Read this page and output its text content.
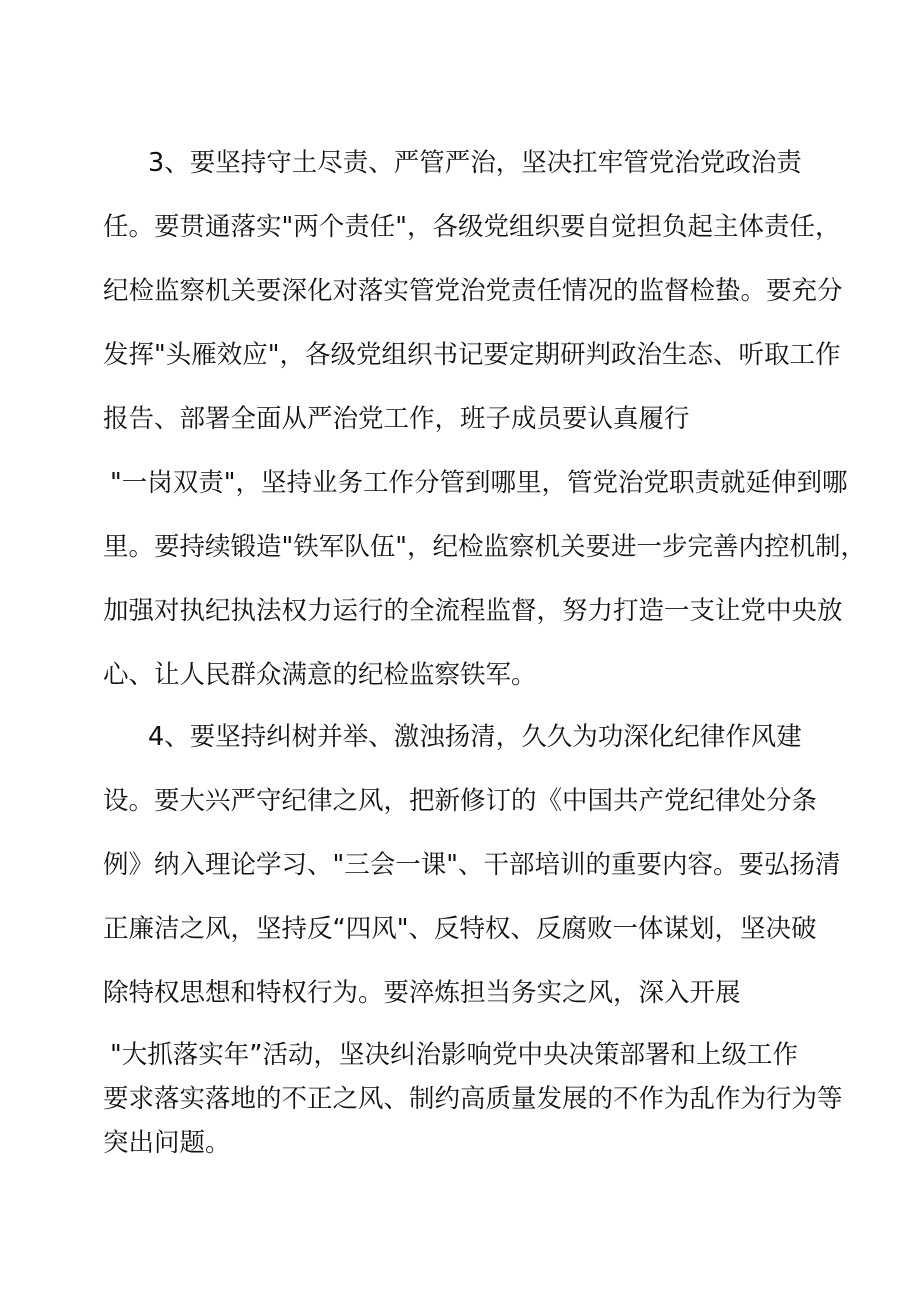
3、要坚持守土尽责、严管严治，坚决扛牢管党治党政治责
任。要贯通落实"两个责任"，各级党组织要自觉担负起主体责任，
纪检监察机关要深化对落实管党治党责任情况的监督检蛰。要充分
发挥"头雁效应"，各级党组织书记要定期研判政治生态、听取工作
报告、部署全面从严治党工作，班子成员要认真履行
"一岗双责"，坚持业务工作分管到哪里，管党治党职责就延伸到哪
里。要持续锻造"铁军队伍"，纪检监察机关要进一步完善内控机制，
加强对执纪执法权力运行的全流程监督，努力打造一支让党中央放
心、让人民群众满意的纪检监察铁军。
4、要坚持纠树并举、激浊扬清，久久为功深化纪律作风建
设。要大兴严守纪律之风，把新修订的《中国共产党纪律处分条
例》纳入理论学习、"三会一课"、干部培训的重要内容。要弘扬清
正廉洁之风，坚持反“四风"、反特权、反腐败一体谋划，坚决破
除特权思想和特权行为。要淬炼担当务实之风，深入开展
"大抓落实年”活动，坚决纠治影响党中央决策部署和上级工作
要求落实落地的不正之风、制约高质量发展的不作为乱作为行为等
突出问题。
